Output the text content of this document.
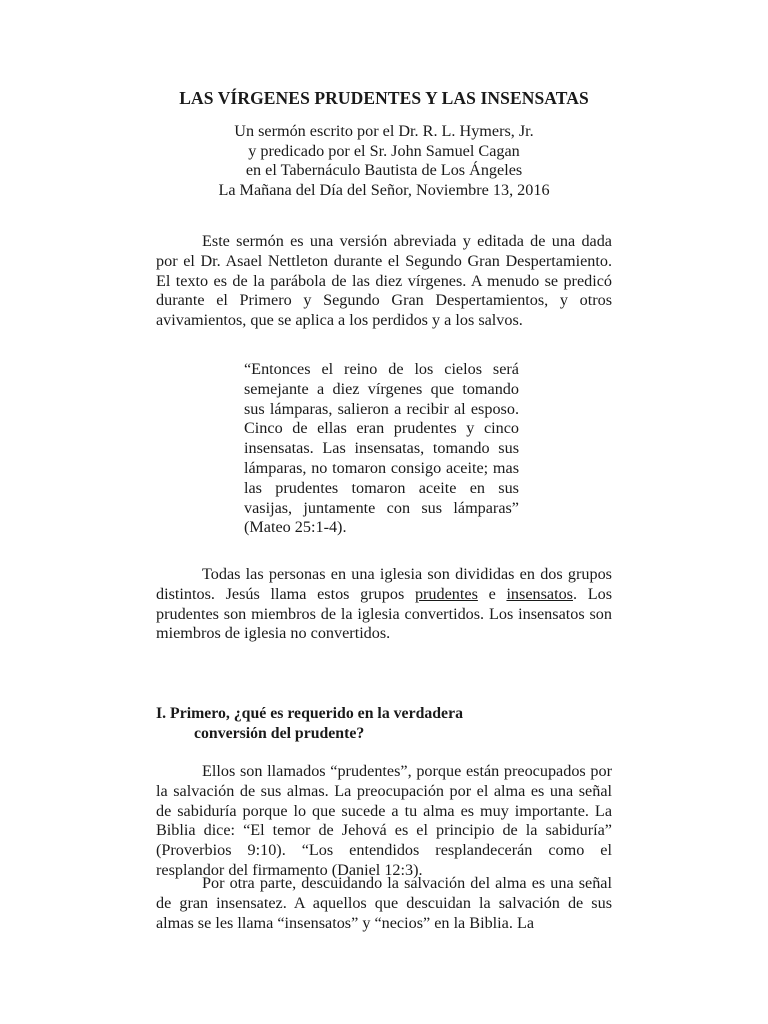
LAS VÍRGENES PRUDENTES Y LAS INSENSATAS
Un sermón escrito por el Dr. R. L. Hymers, Jr.
y predicado por el Sr. John Samuel Cagan
en el Tabernáculo Bautista de Los Ángeles
La Mañana del Día del Señor, Noviembre 13, 2016

Este sermón es una versión abreviada y editada de una dada por el Dr. Asael Nettleton durante el Segundo Gran Despertamiento. El texto es de la parábola de las diez vírgenes. A menudo se predicó durante el Primero y Segundo Gran Despertamientos, y otros avivamientos, que se aplica a los perdidos y a los salvos.

“Entonces el reino de los cielos será semejante a diez vírgenes que tomando sus lámparas, salieron a recibir al esposo. Cinco de ellas eran prudentes y cinco insensatas. Las insensatas, tomando sus lámparas, no tomaron consigo aceite; mas las prudentes tomaron aceite en sus vasijas, juntamente con sus lámparas” (Mateo 25:1-4).

Todas las personas en una iglesia son divididas en dos grupos distintos. Jesús llama estos grupos prudentes e insensatos. Los prudentes son miembros de la iglesia convertidos. Los insensatos son miembros de iglesia no convertidos.

I. Primero, ¿qué es requerido en la verdadera
conversión del prudente?

Ellos son llamados “prudentes”, porque están preocupados por la salvación de sus almas. La preocupación por el alma es una señal de sabiduría porque lo que sucede a tu alma es muy importante. La Biblia dice: “El temor de Jehová es el principio de la sabiduría” (Proverbios 9:10). “Los entendidos resplandecerán como el resplandor del firmamento (Daniel 12:3).

Por otra parte, descuidando la salvación del alma es una señal de gran insensatez. A aquellos que descuidan la salvación de sus almas se les llama “insensatos” y “necios” en la Biblia. La
